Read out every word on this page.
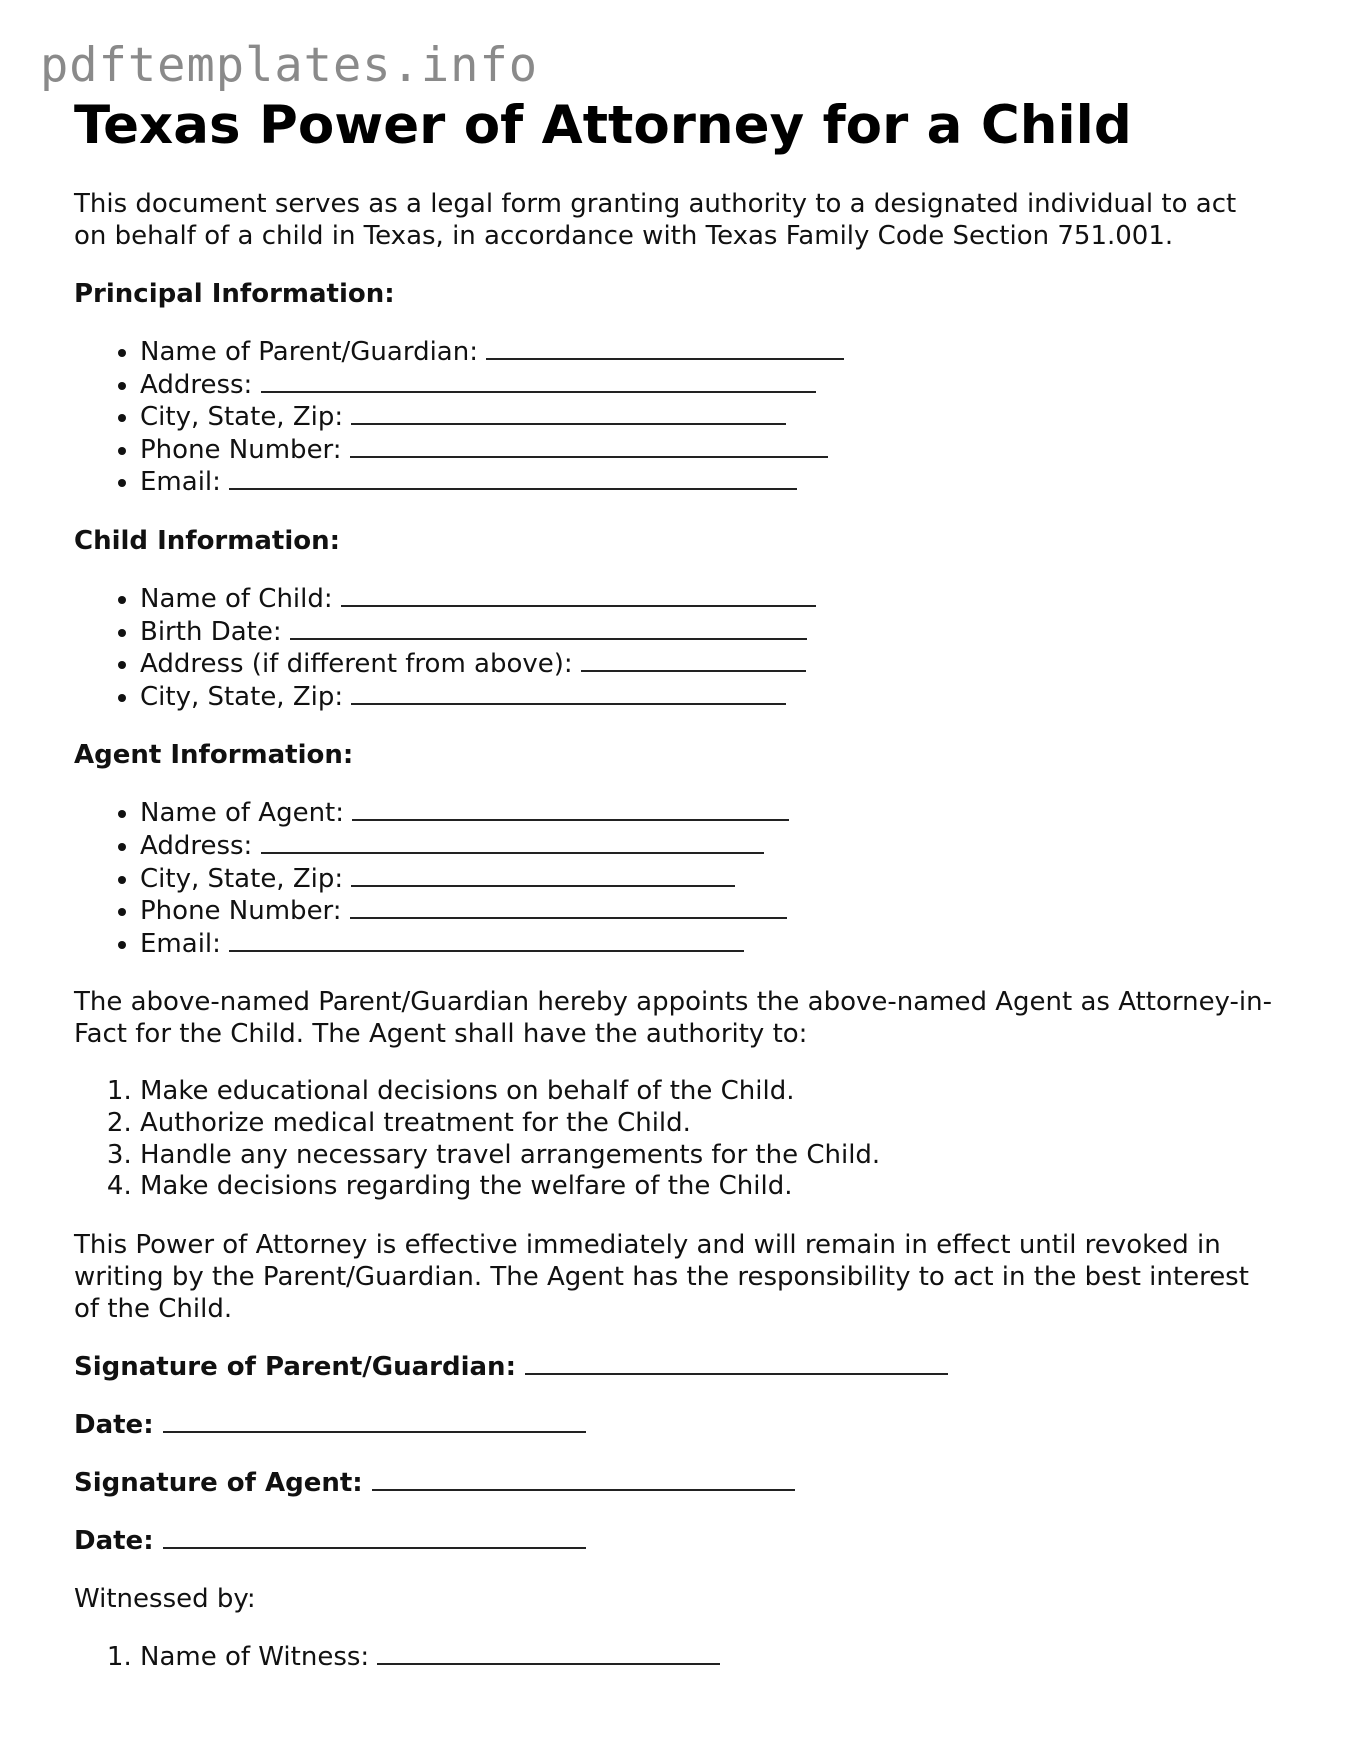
pdftemplates.info
Texas Power of Attorney for a Child

This document serves as a legal form granting authority to a designated individual to act on behalf of a child in Texas, in accordance with Texas Family Code Section 751.001.

Principal Information:
• Name of Parent/Guardian:
• Address:
• City, State, Zip:
• Phone Number:
• Email:
Child Information:
• Name of Child:
• Birth Date:
• Address (if different from above):
• City, State, Zip:
Agent Information:
• Name of Agent:
• Address:
• City, State, Zip:
• Phone Number:
• Email:

The above-named Parent/Guardian hereby appoints the above-named Agent as Attorney-in-Fact for the Child. The Agent shall have the authority to:

1. Make educational decisions on behalf of the Child.
2. Authorize medical treatment for the Child.
3. Handle any necessary travel arrangements for the Child.
4. Make decisions regarding the welfare of the Child.

This Power of Attorney is effective immediately and will remain in effect until revoked in writing by the Parent/Guardian. The Agent has the responsibility to act in the best interest of the Child.

Signature of Parent/Guardian:
Date:
Signature of Agent:
Date:

Witnessed by:

1. Name of Witness:
